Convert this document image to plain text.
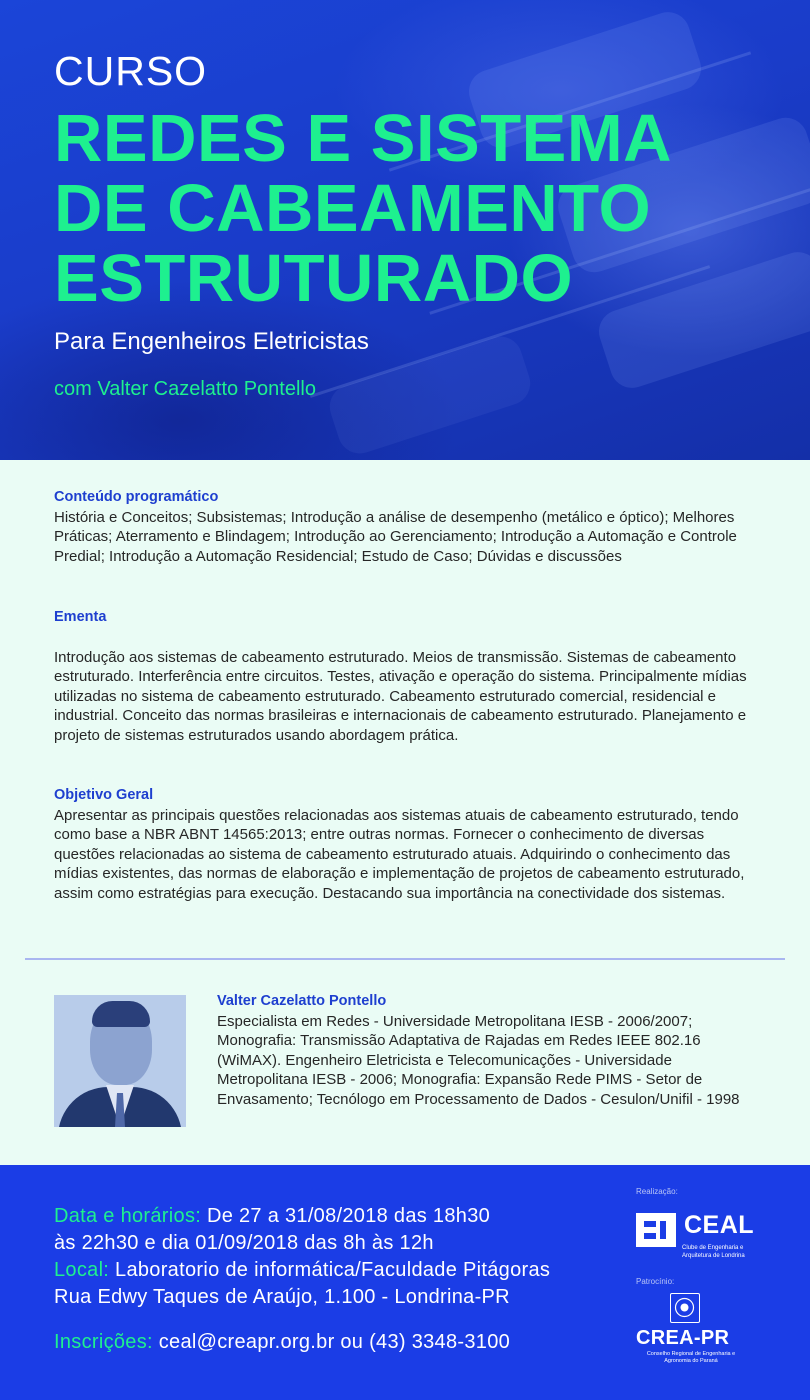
CURSO
REDES E SISTEMA
DE CABEAMENTO
ESTRUTURADO
Para Engenheiros Eletricistas
com Valter Cazelatto Pontello
Conteúdo programático
História e Conceitos; Subsistemas; Introdução a análise de desempenho (metálico e óptico); Melhores Práticas; Aterramento e Blindagem; Introdução ao Gerenciamento; Introdução a Automação e Controle Predial; Introdução a Automação Residencial; Estudo de Caso; Dúvidas e discussões
Ementa
Introdução aos sistemas de cabeamento estruturado. Meios de transmissão. Sistemas de cabeamento estruturado. Interferência entre circuitos. Testes, ativação e operação do sistema. Principalmente mídias utilizadas no sistema de cabeamento estruturado. Cabeamento estruturado comercial, residencial e industrial. Conceito das normas brasileiras e internacionais de cabeamento estruturado. Planejamento e projeto de sistemas estruturados usando abordagem prática.
Objetivo Geral
Apresentar as principais questões relacionadas aos sistemas atuais de cabeamento estruturado, tendo como base a NBR ABNT 14565:2013; entre outras normas. Fornecer o conhecimento de diversas questões relacionadas ao sistema de cabeamento estruturado atuais. Adquirindo o conhecimento das mídias existentes, das normas de elaboração e implementação de projetos de cabeamento estruturado, assim como estratégias para execução. Destacando sua importância na conectividade dos sistemas.
Valter Cazelatto Pontello
Especialista em Redes - Universidade Metropolitana IESB - 2006/2007; Monografia: Transmissão Adaptativa de Rajadas em Redes IEEE 802.16 (WiMAX). Engenheiro Eletricista e Telecomunicações - Universidade Metropolitana IESB - 2006; Monografia: Expansão Rede PIMS - Setor de Envasamento; Tecnólogo em Processamento de Dados - Cesulon/Unifil - 1998
Data e horários: De 27 a 31/08/2018 das 18h30
às 22h30 e dia 01/09/2018 das 8h às 12h
Local: Laboratorio de informática/Faculdade Pitágoras
Rua Edwy Taques de Araújo, 1.100 - Londrina-PR
Inscrições: ceal@creapr.org.br ou (43) 3348-3100
Realização:
CEAL
Clube de Engenharia e Arquitetura de Londrina
Patrocínio:
CREA-PR
Conselho Regional de Engenharia e Agronomia do Paraná
